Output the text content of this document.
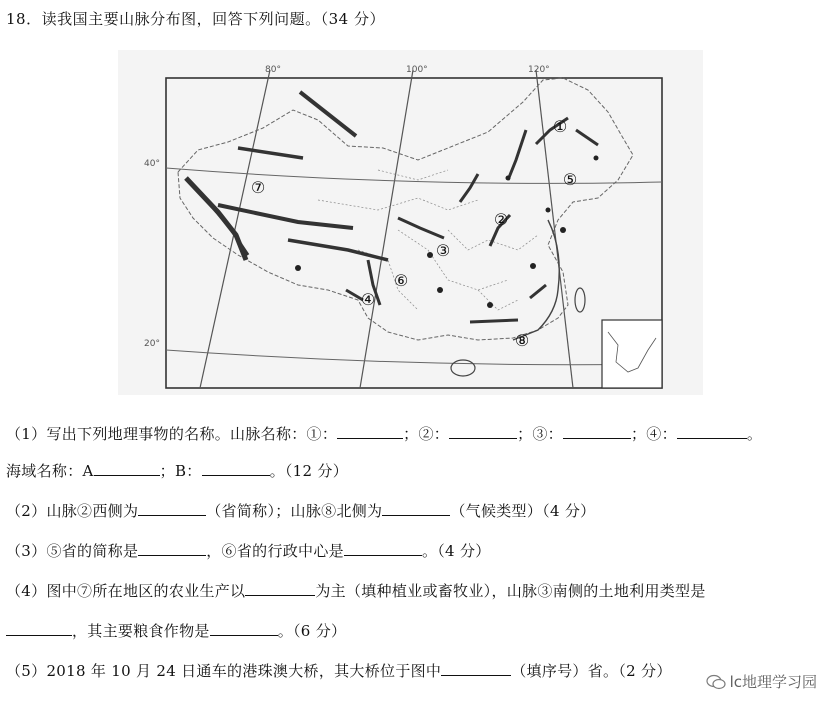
18．读我国主要山脉分布图，回答下列问题。（34 分）
80°	100°	120°
40°
20°
①
②
③
④
⑤
⑥
⑦
⑧
（1）写出下列地理事物的名称。山脉名称：①：	；②：	；③：	；④：	。
海域名称：A	；B：	。（12 分）
（2）山脉②西侧为	（省简称）；山脉⑧北侧为	（气候类型）（4 分）
（3）⑤省的简称是	，⑥省的行政中心是	。（4 分）
（4）图中⑦所在地区的农业生产以	为主（填种植业或畜牧业），山脉③南侧的土地利用类型是
，其主要粮食作物是	。（6 分）
（5）2018 年 10 月 24 日通车的港珠澳大桥，其大桥位于图中	（填序号）省。（2 分）
lc地理学习园
